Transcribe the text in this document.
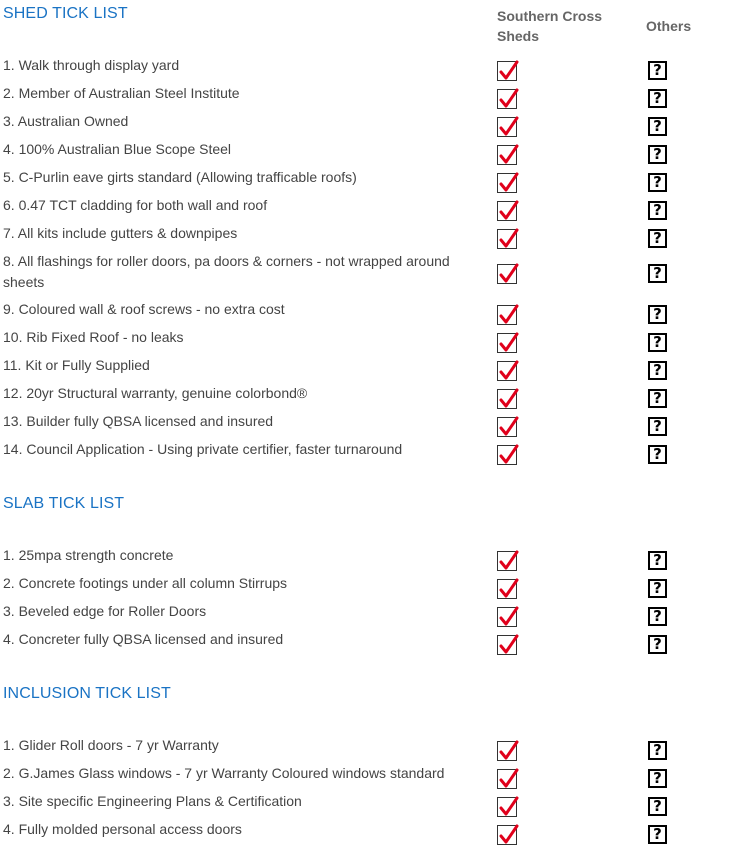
Southern Cross
Sheds
Others
SHED TICK LIST
1. Walk through display yard	?
2. Member of Australian Steel Institute	?
3. Australian Owned	?
4. 100% Australian Blue Scope Steel	?
5. C-Purlin eave girts standard (Allowing trafficable roofs)	?
6. 0.47 TCT cladding for both wall and roof	?
7. All kits include gutters & downpipes	?
8. All flashings for roller doors, pa doors & corners - not wrapped around sheets	?
9. Coloured wall & roof screws - no extra cost	?
10. Rib Fixed Roof - no leaks	?
11. Kit or Fully Supplied	?
12. 20yr Structural warranty, genuine colorbond®	?
13. Builder fully QBSA licensed and insured	?
14. Council Application - Using private certifier, faster turnaround	?
SLAB TICK LIST
1. 25mpa strength concrete	?
2. Concrete footings under all column Stirrups	?
3. Beveled edge for Roller Doors	?
4. Concreter fully QBSA licensed and insured	?
INCLUSION TICK LIST
1. Glider Roll doors - 7 yr Warranty	?
2. G.James Glass windows - 7 yr Warranty Coloured windows standard	?
3. Site specific Engineering Plans & Certification	?
4. Fully molded personal access doors	?
